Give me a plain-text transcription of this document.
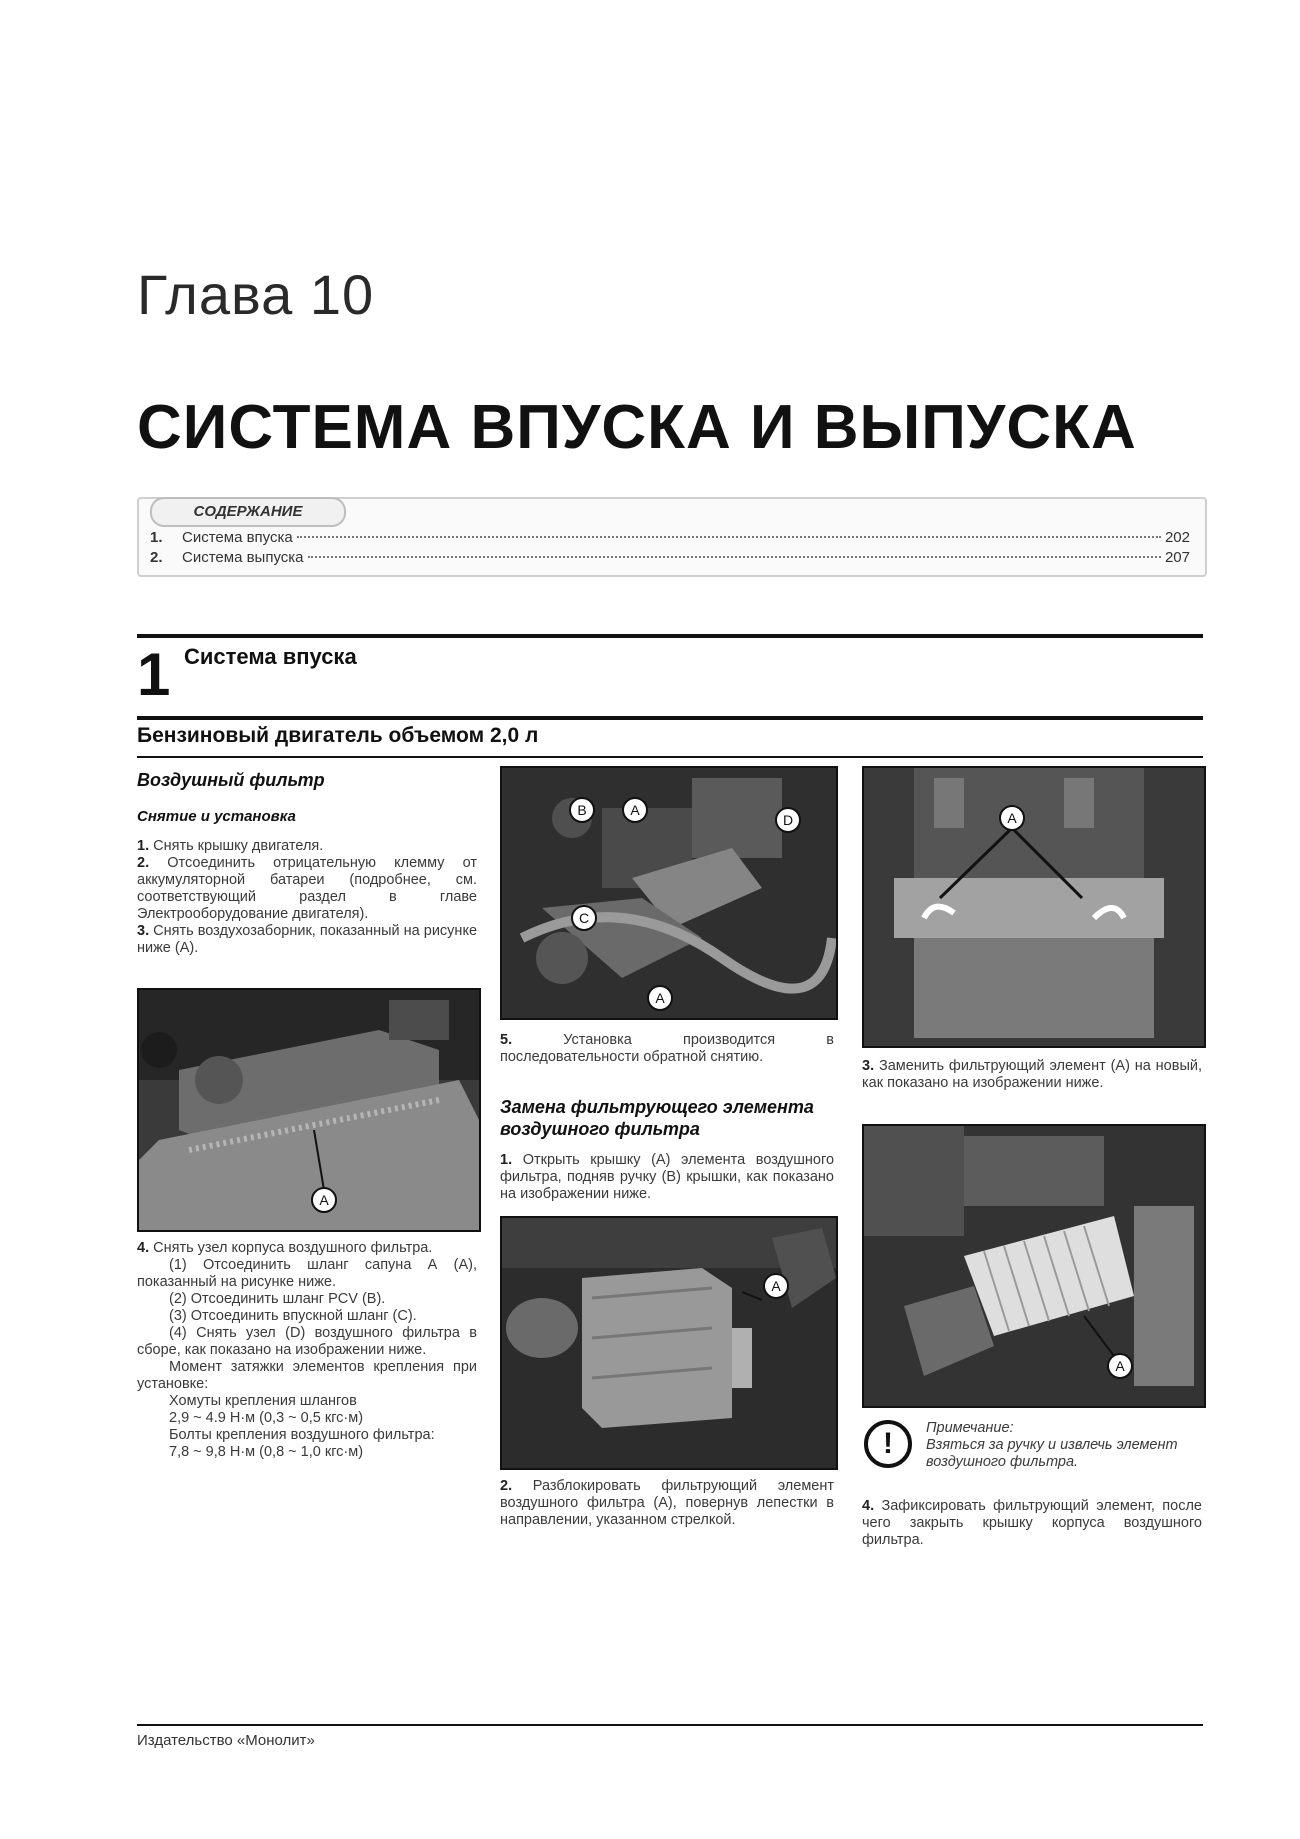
Глава 10
СИСТЕМА ВПУСКА И ВЫПУСКА
СОДЕРЖАНИЕ
1.	Система впуска	202
2.	Система выпуска	207
1 Система впуска
Бензиновый двигатель объемом 2,0 л
Воздушный фильтр
Снятие и установка

1. Снять крышку двигателя.

2. Отсоединить отрицательную клемму от аккумуляторной батареи (подробнее, см. соответствующий раздел в главе Электрооборудование двигателя).

3. Снять воздухозаборник, показанный на рисунке ниже (А).

A

4. Снять узел корпуса воздушного фильтра.

(1) Отсоединить шланг сапуна А (А), показанный на рисунке ниже.

(2) Отсоединить шланг PCV (В).

(3) Отсоединить впускной шланг (С).

(4) Снять узел (D) воздушного фильтра в сборе, как показано на изображении ниже.

Момент затяжки элементов крепления при установке:

Хомуты крепления шлангов

2,9 ~ 4.9 Н·м (0,3 ~ 0,5 кгс·м)

Болты крепления воздушного фильтра:

7,8 ~ 9,8 Н·м (0,8 ~ 1,0 кгс·м)

B	A
D
C
A

5.	Установка производится в последовательности обратной снятию.

Замена фильтрующего элемента воздушного фильтра

1. Открыть крышку (А) элемента воздушного фильтра, подняв ручку (В) крышки, как показано на изображении ниже.

A

2. Разблокировать фильтрующий элемент воздушного фильтра (А), повернув лепестки в направлении, указанном стрелкой.

A

3. Заменить фильтрующий элемент (А) на новый, как показано на изображении ниже.

A
!	Примечание:

Взяться за ручку и извлечь элемент воздушного фильтра.

4. Зафиксировать фильтрующий элемент, после чего закрыть крышку корпуса воздушного фильтра.

Издательство «Монолит»
